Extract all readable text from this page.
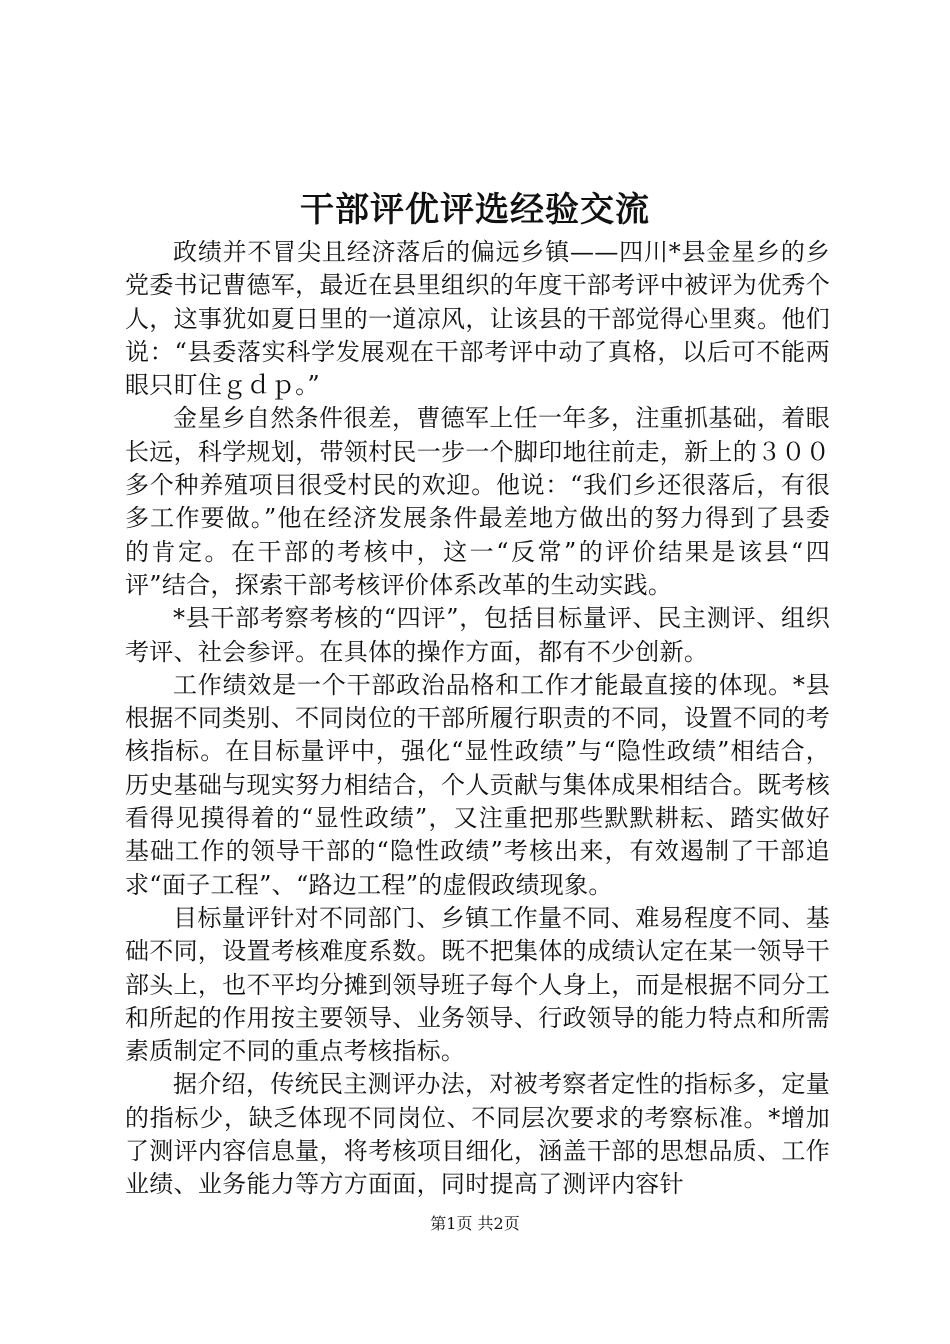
干部评优评选经验交流

政绩并不冒尖且经济落后的偏远乡镇——四川*县金星乡的乡党委书记曹德军，最近在县里组织的年度干部考评中被评为优秀个人，这事犹如夏日里的一道凉风，让该县的干部觉得心里爽。他们说：“县委落实科学发展观在干部考评中动了真格，以后可不能两眼只盯住ｇｄｐ。”

金星乡自然条件很差，曹德军上任一年多，注重抓基础，着眼长远，科学规划，带领村民一步一个脚印地往前走，新上的３００多个种养殖项目很受村民的欢迎。他说：“我们乡还很落后，有很多工作要做。”他在经济发展条件最差地方做出的努力得到了县委的肯定。在干部的考核中，这一“反常”的评价结果是该县“四评”结合，探索干部考核评价体系改革的生动实践。

*县干部考察考核的“四评”，包括目标量评、民主测评、组织考评、社会参评。在具体的操作方面，都有不少创新。

工作绩效是一个干部政治品格和工作才能最直接的体现。*县根据不同类别、不同岗位的干部所履行职责的不同，设置不同的考核指标。在目标量评中，强化“显性政绩”与“隐性政绩”相结合，历史基础与现实努力相结合，个人贡献与集体成果相结合。既考核看得见摸得着的“显性政绩”，又注重把那些默默耕耘、踏实做好基础工作的领导干部的“隐性政绩”考核出来，有效遏制了干部追求“面子工程”、“路边工程”的虚假政绩现象。

目标量评针对不同部门、乡镇工作量不同、难易程度不同、基础不同，设置考核难度系数。既不把集体的成绩认定在某一领导干部头上，也不平均分摊到领导班子每个人身上，而是根据不同分工和所起的作用按主要领导、业务领导、行政领导的能力特点和所需素质制定不同的重点考核指标。

据介绍，传统民主测评办法，对被考察者定性的指标多，定量的指标少，缺乏体现不同岗位、不同层次要求的考察标准。*增加了测评内容信息量，将考核项目细化，涵盖干部的思想品质、工作业绩、业务能力等方方面面，同时提高了测评内容针

第1页 共2页
